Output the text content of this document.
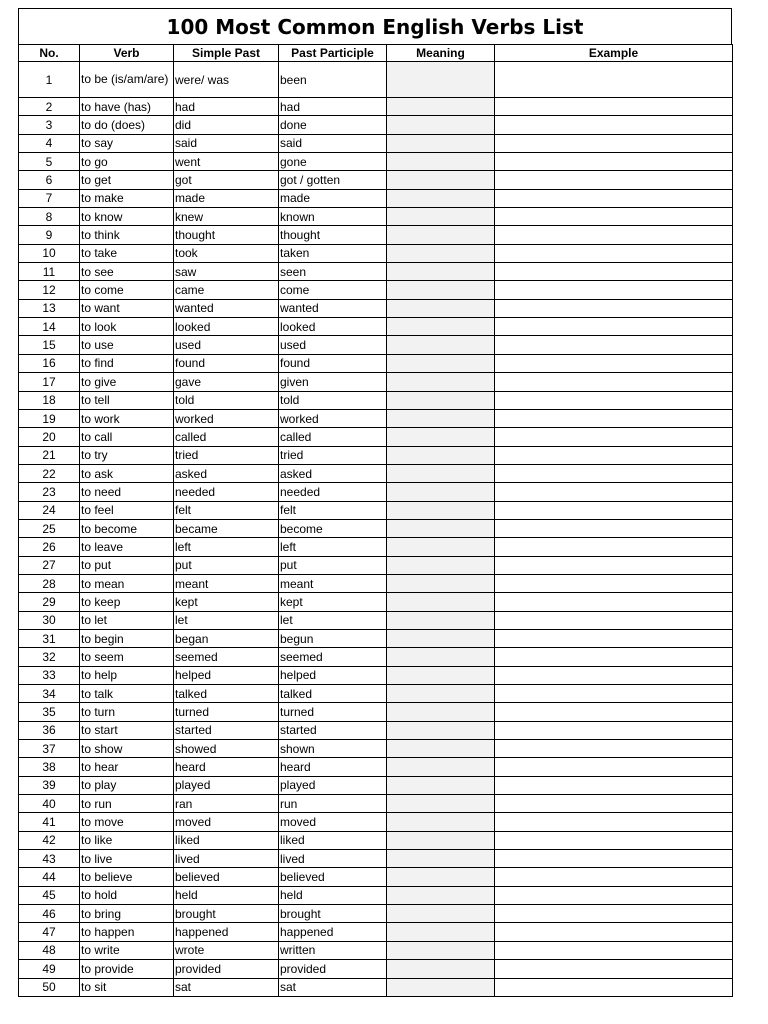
100 Most Common English Verbs List
No.	Verb	Simple Past	Past Participle	Meaning	Example
1	to be (is/am/are)	were/ was	been		
2	to have (has)	had	had		
3	to do (does)	did	done		
4	to say	said	said		
5	to go	went	gone		
6	to get	got	got / gotten		
7	to make	made	made		
8	to know	knew	known		
9	to think	thought	thought		
10	to take	took	taken		
11	to see	saw	seen		
12	to come	came	come		
13	to want	wanted	wanted		
14	to look	looked	looked		
15	to use	used	used		
16	to find	found	found		
17	to give	gave	given		
18	to tell	told	told		
19	to work	worked	worked		
20	to call	called	called		
21	to try	tried	tried		
22	to ask	asked	asked		
23	to need	needed	needed		
24	to feel	felt	felt		
25	to become	became	become		
26	to leave	left	left		
27	to put	put	put		
28	to mean	meant	meant		
29	to keep	kept	kept		
30	to let	let	let		
31	to begin	began	begun		
32	to seem	seemed	seemed		
33	to help	helped	helped		
34	to talk	talked	talked		
35	to turn	turned	turned		
36	to start	started	started		
37	to show	showed	shown		
38	to hear	heard	heard		
39	to play	played	played		
40	to run	ran	run		
41	to move	moved	moved		
42	to like	liked	liked		
43	to live	lived	lived		
44	to believe	believed	believed		
45	to hold	held	held		
46	to bring	brought	brought		
47	to happen	happened	happened		
48	to write	wrote	written		
49	to provide	provided	provided		
50	to sit	sat	sat		
